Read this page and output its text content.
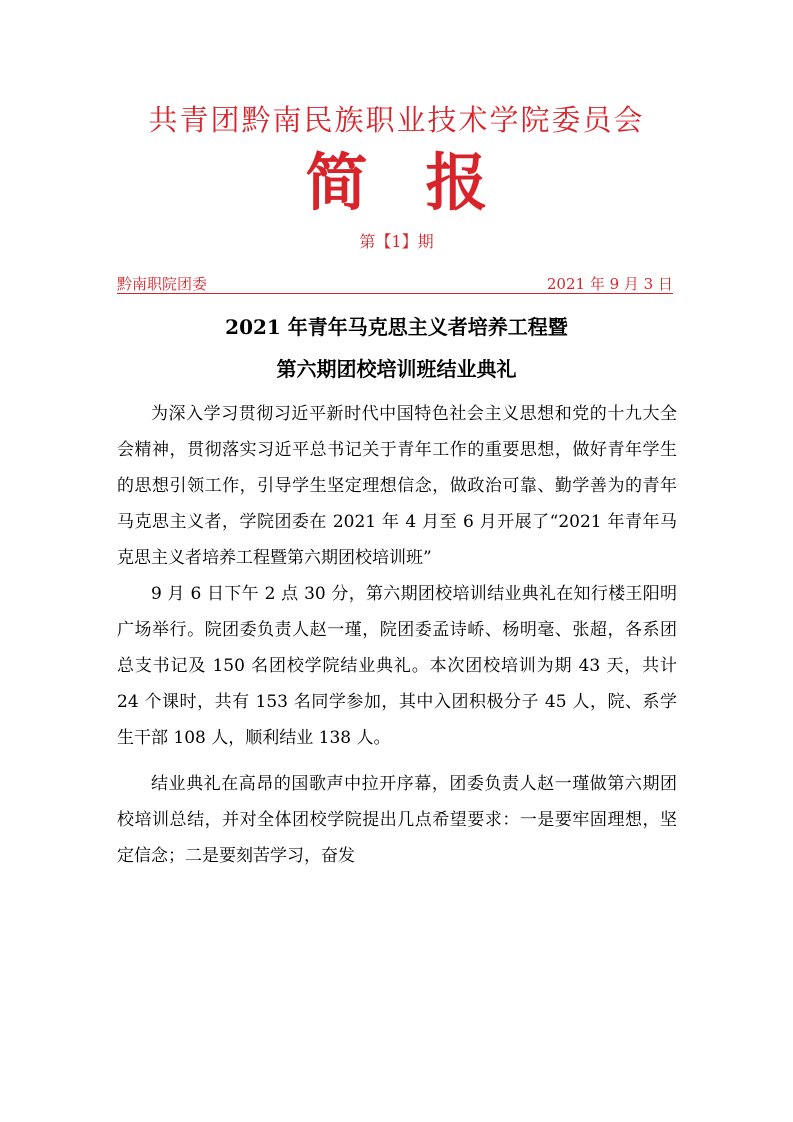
共青团黔南民族职业技术学院委员会
简 报
第【1】期
黔南职院团委	2021 年 9 月 3 日
2021 年青年马克思主义者培养工程暨
第六期团校培训班结业典礼

为深入学习贯彻习近平新时代中国特色社会主义思想和党的十九大全会精神，贯彻落实习近平总书记关于青年工作的重要思想，做好青年学生的思想引领工作，引导学生坚定理想信念，做政治可靠、勤学善为的青年马克思主义者，学院团委在 2021 年 4 月至 6 月开展了“2021 年青年马克思主义者培养工程暨第六期团校培训班”

9 月 6 日下午 2 点 30 分，第六期团校培训结业典礼在知行楼王阳明广场举行。院团委负责人赵一瑾，院团委孟诗峤、杨明毫、张超，各系团总支书记及 150 名团校学院结业典礼。本次团校培训为期 43 天，共计 24 个课时，共有 153 名同学参加，其中入团积极分子 45 人，院、系学生干部 108 人，顺利结业 138 人。

结业典礼在高昂的国歌声中拉开序幕，团委负责人赵一瑾做第六期团校培训总结，并对全体团校学院提出几点希望要求：一是要牢固理想，坚定信念；二是要刻苦学习，奋发
